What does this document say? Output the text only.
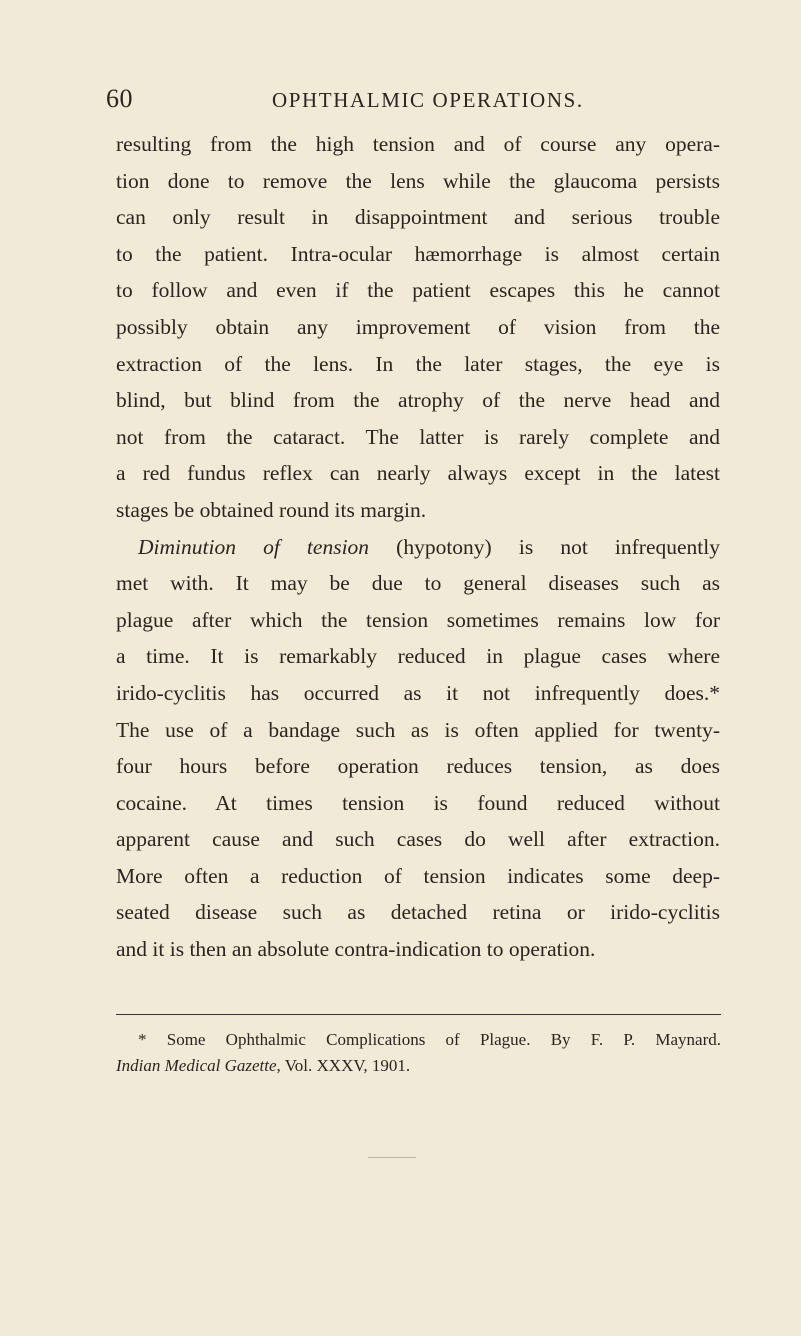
60	OPHTHALMIC OPERATIONS.
resulting from the high tension and of course any opera-
tion done to remove the lens while the glaucoma persists
can only result in disappointment and serious trouble
to the patient. Intra-ocular hæmorrhage is almost certain
to follow and even if the patient escapes this he cannot
possibly obtain any improvement of vision from the
extraction of the lens. In the later stages, the eye is
blind, but blind from the atrophy of the nerve head and
not from the cataract. The latter is rarely complete and
a red fundus reflex can nearly always except in the latest
stages be obtained round its margin.
Diminution of tension (hypotony) is not infrequently
met with. It may be due to general diseases such as
plague after which the tension sometimes remains low for
a time. It is remarkably reduced in plague cases where
irido-cyclitis has occurred as it not infrequently does.*
The use of a bandage such as is often applied for twenty-
four hours before operation reduces tension, as does
cocaine. At times tension is found reduced without
apparent cause and such cases do well after extraction.
More often a reduction of tension indicates some deep-
seated disease such as detached retina or irido-cyclitis
and it is then an absolute contra-indication to operation.
* Some Ophthalmic Complications of Plague. By F. P. Maynard.
Indian Medical Gazette, Vol. XXXV, 1901.
